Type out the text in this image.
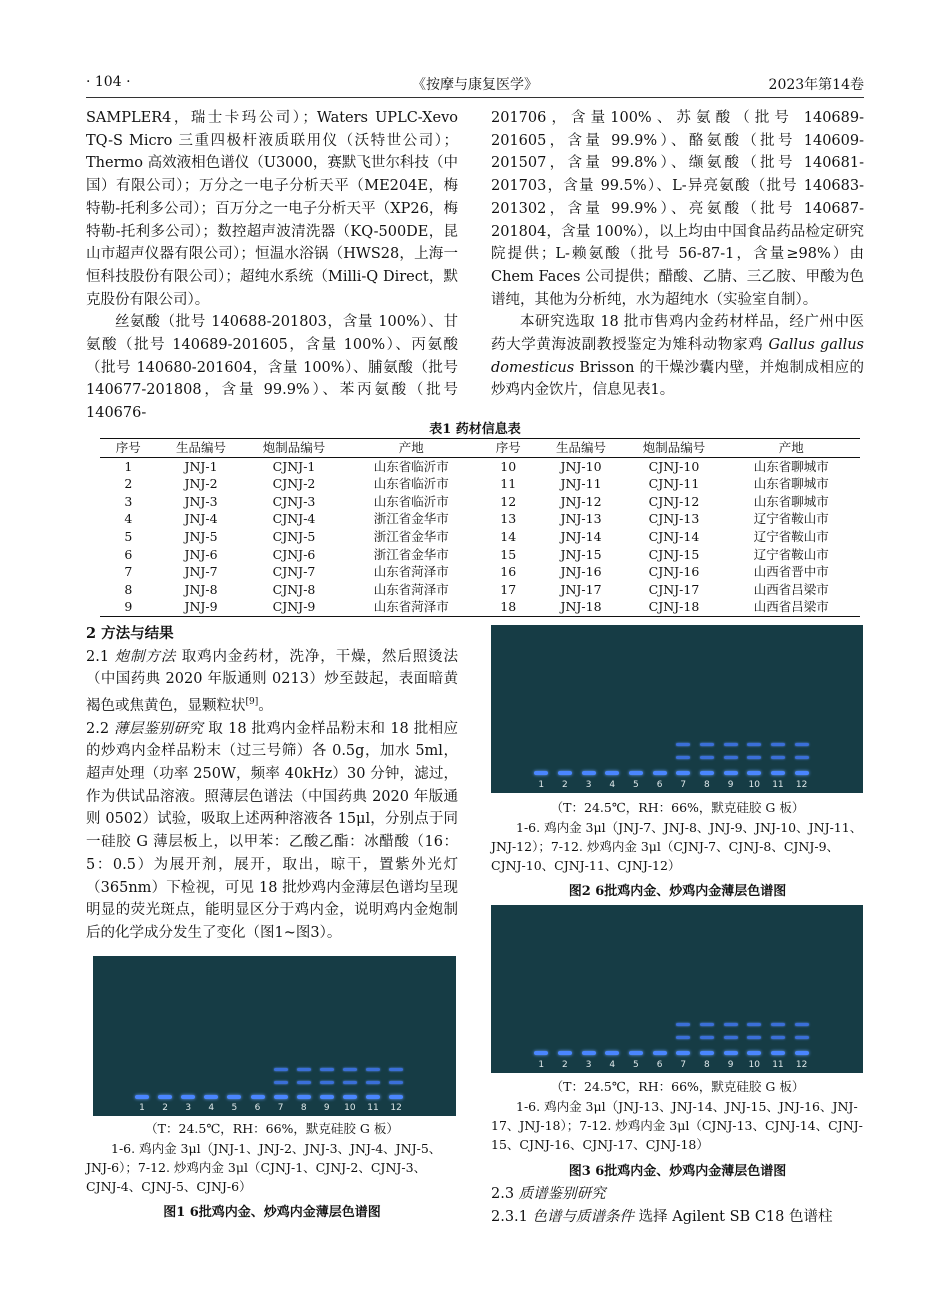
· 104 ·	《按摩与康复医学》	2023年第14卷

SAMPLER4，瑞士卡玛公司）；Waters UPLC-Xevo TQ-S Micro 三重四极杆液质联用仪（沃特世公司）；Thermo 高效液相色谱仪（U3000，赛默飞世尔科技（中国）有限公司）；万分之一电子分析天平（ME204E，梅特勒-托利多公司）；百万分之一电子分析天平（XP26，梅特勒-托利多公司）；数控超声波清洗器（KQ-500DE，昆山市超声仪器有限公司）；恒温水浴锅（HWS28，上海一恒科技股份有限公司）；超纯水系统（Milli-Q Direct，默克股份有限公司）。

丝氨酸（批号 140688-201803，含量 100%）、甘氨酸（批号 140689-201605，含量 100%）、丙氨酸（批号 140680-201604，含量 100%）、脯氨酸（批号 140677-201808，含量 99.9%）、苯丙氨酸（批号 140676-

201706，含量100%、苏氨酸（批号 140689-201605，含量 99.9%）、酪氨酸（批号 140609-201507，含量 99.8%）、缬氨酸（批号 140681-201703，含量 99.5%）、L-异亮氨酸（批号 140683-201302，含量 99.9%）、亮氨酸（批号 140687-201804，含量 100%），以上均由中国食品药品检定研究院提供；L-赖氨酸（批号 56-87-1，含量≥98%）由 Chem Faces 公司提供；醋酸、乙腈、三乙胺、甲酸为色谱纯，其他为分析纯，水为超纯水（实验室自制）。

本研究选取 18 批市售鸡内金药材样品，经广州中医药大学黄海波副教授鉴定为雉科动物家鸡 Gallus gallus domesticus Brisson 的干燥沙囊内壁，并炮制成相应的炒鸡内金饮片，信息见表1。

表1 药材信息表
序号	生品编号	炮制品编号	产地	序号	生品编号	炮制品编号	产地
1	JNJ-1	CJNJ-1	山东省临沂市	10	JNJ-10	CJNJ-10	山东省聊城市
2	JNJ-2	CJNJ-2	山东省临沂市	11	JNJ-11	CJNJ-11	山东省聊城市
3	JNJ-3	CJNJ-3	山东省临沂市	12	JNJ-12	CJNJ-12	山东省聊城市
4	JNJ-4	CJNJ-4	浙江省金华市	13	JNJ-13	CJNJ-13	辽宁省鞍山市
5	JNJ-5	CJNJ-5	浙江省金华市	14	JNJ-14	CJNJ-14	辽宁省鞍山市
6	JNJ-6	CJNJ-6	浙江省金华市	15	JNJ-15	CJNJ-15	辽宁省鞍山市
7	JNJ-7	CJNJ-7	山东省菏泽市	16	JNJ-16	CJNJ-16	山西省晋中市
8	JNJ-8	CJNJ-8	山东省菏泽市	17	JNJ-17	CJNJ-17	山西省吕梁市
9	JNJ-9	CJNJ-9	山东省菏泽市	18	JNJ-18	CJNJ-18	山西省吕梁市

2 方法与结果

2.1 炮制方法 取鸡内金药材，洗净，干燥，然后照烫法（中国药典 2020 年版通则 0213）炒至鼓起，表面暗黄褐色或焦黄色，显颗粒状[9]。

2.2 薄层鉴别研究 取 18 批鸡内金样品粉末和 18 批相应的炒鸡内金样品粉末（过三号筛）各 0.5g，加水 5ml，超声处理（功率 250W，频率 40kHz）30 分钟，滤过，作为供试品溶液。照薄层色谱法（中国药典 2020 年版通则 0502）试验，吸取上述两种溶液各 15μl，分别点于同一硅胶 G 薄层板上，以甲苯：乙酸乙酯：冰醋酸（16：5：0.5）为展开剂，展开，取出，晾干，置紫外光灯（365nm）下检视，可见 18 批炒鸡内金薄层色谱均呈现明显的荧光斑点，能明显区分于鸡内金，说明鸡内金炮制后的化学成分发生了变化（图1~图3）。

1	2	3	4	5	6	7	8	9	10 11 12
（T：24.5℃，RH：66%，默克硅胶 G 板）
1-6. 鸡内金 3μl（JNJ-1、JNJ-2、JNJ-3、JNJ-4、JNJ-5、JNJ-6）；7-12. 炒鸡内金 3μl（CJNJ-1、CJNJ-2、CJNJ-3、CJNJ-4、CJNJ-5、CJNJ-6）
图1 6批鸡内金、炒鸡内金薄层色谱图
1	2	3	4	5	6	7	8	9	10 11 12
（T：24.5℃，RH：66%，默克硅胶 G 板）
1-6. 鸡内金 3μl（JNJ-7、JNJ-8、JNJ-9、JNJ-10、JNJ-11、JNJ-12）；7-12. 炒鸡内金 3μl（CJNJ-7、CJNJ-8、CJNJ-9、CJNJ-10、CJNJ-11、CJNJ-12）
图2 6批鸡内金、炒鸡内金薄层色谱图
1	2	3	4	5	6	7	8	9	10 11 12
（T：24.5℃，RH：66%，默克硅胶 G 板）
1-6. 鸡内金 3μl（JNJ-13、JNJ-14、JNJ-15、JNJ-16、JNJ-17、JNJ-18）；7-12. 炒鸡内金 3μl（CJNJ-13、CJNJ-14、CJNJ-15、CJNJ-16、CJNJ-17、CJNJ-18）
图3 6批鸡内金、炒鸡内金薄层色谱图

2.3 质谱鉴别研究

2.3.1 色谱与质谱条件 选择 Agilent SB C18 色谱柱
